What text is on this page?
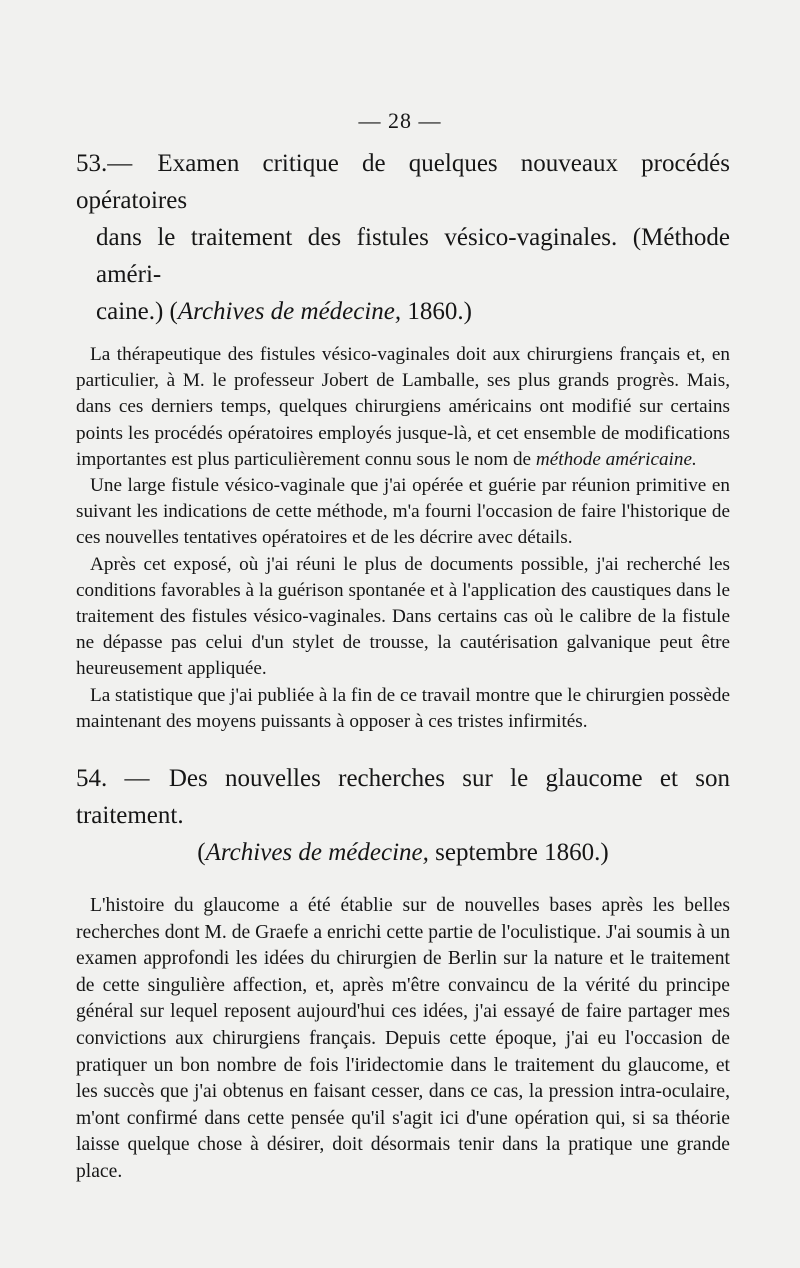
— 28 —
53.— Examen critique de quelques nouveaux procédés opératoires
dans le traitement des fistules vésico-vaginales. (Méthode améri-
caine.) (Archives de médecine, 1860.)

La thérapeutique des fistules vésico-vaginales doit aux chirurgiens français et, en particulier, à M. le professeur Jobert de Lamballe, ses plus grands progrès. Mais, dans ces derniers temps, quelques chirurgiens américains ont modifié sur certains points les procédés opératoires employés jusque-là, et cet ensemble de modifications importantes est plus particulièrement connu sous le nom de méthode américaine.

Une large fistule vésico-vaginale que j'ai opérée et guérie par réunion primitive en suivant les indications de cette méthode, m'a fourni l'occasion de faire l'historique de ces nouvelles tentatives opératoires et de les décrire avec détails.

Après cet exposé, où j'ai réuni le plus de documents possible, j'ai recherché les conditions favorables à la guérison spontanée et à l'application des caustiques dans le traitement des fistules vésico-vaginales. Dans certains cas où le calibre de la fistule ne dépasse pas celui d'un stylet de trousse, la cautérisation galvanique peut être heureusement appliquée.

La statistique que j'ai publiée à la fin de ce travail montre que le chirurgien possède maintenant des moyens puissants à opposer à ces tristes infirmités.

54. — Des nouvelles recherches sur le glaucome et son traitement.
(Archives de médecine, septembre 1860.)

L'histoire du glaucome a été établie sur de nouvelles bases après les belles recherches dont M. de Graefe a enrichi cette partie de l'oculistique. J'ai soumis à un examen approfondi les idées du chirurgien de Berlin sur la nature et le traitement de cette singulière affection, et, après m'être convaincu de la vérité du principe général sur lequel reposent aujourd'hui ces idées, j'ai essayé de faire partager mes convictions aux chirurgiens français. Depuis cette époque, j'ai eu l'occasion de pratiquer un bon nombre de fois l'iridectomie dans le traitement du glaucome, et les succès que j'ai obtenus en faisant cesser, dans ce cas, la pression intra-oculaire, m'ont confirmé dans cette pensée qu'il s'agit ici d'une opération qui, si sa théorie laisse quelque chose à désirer, doit désormais tenir dans la pratique une grande place.
